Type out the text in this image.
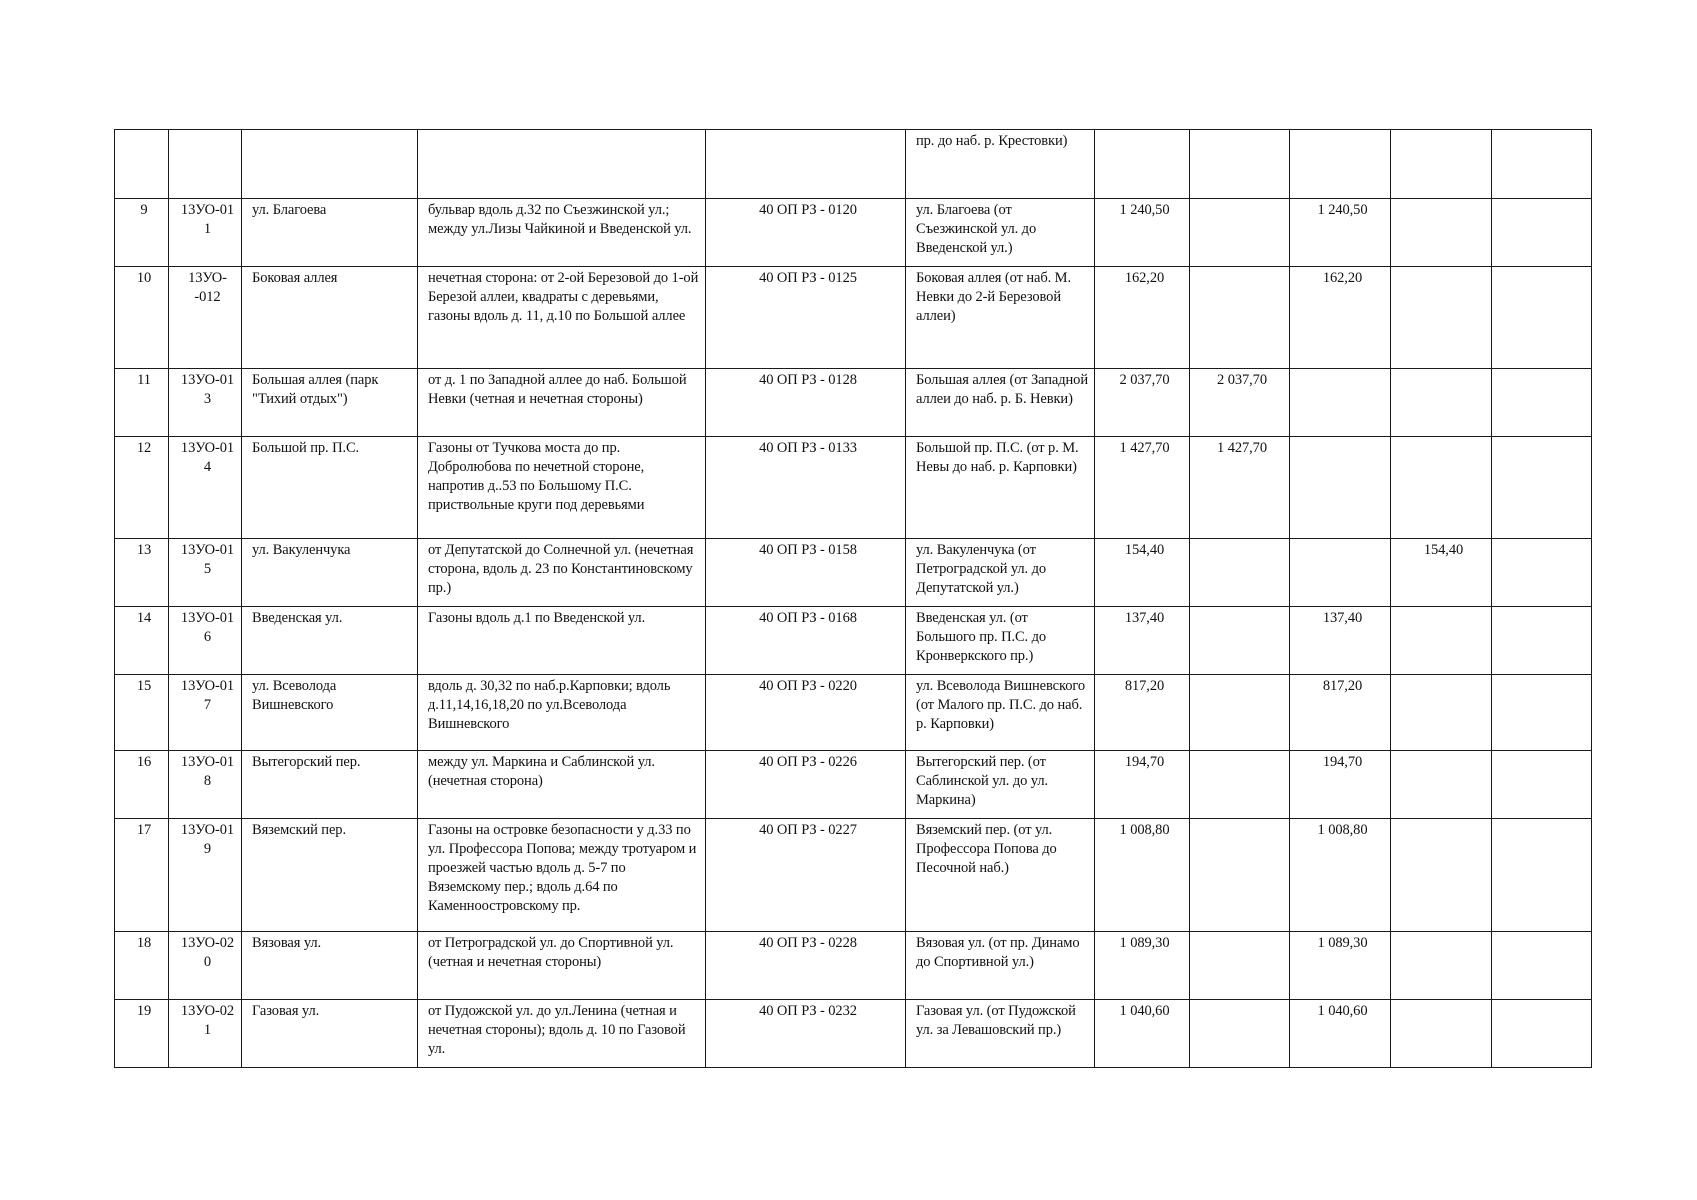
					пр. до наб. р. Крестовки)					
9	13УО-011	ул. Благоева	бульвар вдоль д.32 по Съезжинской ул.; между ул.Лизы Чайкиной и Введенской ул.	40 ОП РЗ - 0120	ул. Благоева (от Съезжинской ул. до Введенской ул.)	1 240,50		1 240,50		
10	13УО--012	Боковая аллея	нечетная сторона: от 2-ой Березовой до 1-ой Березой аллеи, квадраты с деревьями, газоны вдоль д. 11, д.10 по Большой аллее	40 ОП РЗ - 0125	Боковая аллея (от наб. М. Невки до 2-й Березовой аллеи)	162,20		162,20		
11	13УО-013	Большая аллея (парк "Тихий отдых")	от д. 1 по Западной аллее до наб. Большой Невки (четная и нечетная стороны)	40 ОП РЗ - 0128	Большая аллея (от Западной аллеи до наб. р. Б. Невки)	2 037,70	2 037,70			
12	13УО-014	Большой пр. П.С.	Газоны от Тучкова моста до пр. Добролюбова по нечетной стороне, напротив д..53 по Большому П.С. приствольные круги под деревьями	40 ОП РЗ - 0133	Большой пр. П.С. (от р. М. Невы до наб. р. Карповки)	1 427,70	1 427,70			
13	13УО-015	ул. Вакуленчука	от Депутатской до Солнечной ул. (нечетная сторона, вдоль д. 23 по Константиновскому пр.)	40 ОП РЗ - 0158	ул. Вакуленчука (от Петроградской ул. до Депутатской ул.)	154,40			154,40	
14	13УО-016	Введенская ул.	Газоны вдоль д.1 по Введенской ул.	40 ОП РЗ - 0168	Введенская ул. (от Большого пр. П.С. до Кронверкского пр.)	137,40		137,40		
15	13УО-017	ул. Всеволода Вишневского	вдоль д. 30,32 по наб.р.Карповки; вдоль д.11,14,16,18,20 по ул.Всеволода Вишневского	40 ОП РЗ - 0220	ул. Всеволода Вишневского (от Малого пр. П.С. до наб. р. Карповки)	817,20		817,20		
16	13УО-018	Вытегорский пер.	между ул. Маркина и Саблинской ул. (нечетная сторона)	40 ОП РЗ - 0226	Вытегорский пер. (от Саблинской ул. до ул. Маркина)	194,70		194,70		
17	13УО-019	Вяземский пер.	Газоны на островке безопасности у д.33 по ул. Профессора Попова; между тротуаром и проезжей частью вдоль д. 5-7 по Вяземскому пер.; вдоль д.64 по Каменноостровскому пр.	40 ОП РЗ - 0227	Вяземский пер. (от ул. Профессора Попова до Песочной наб.)	1 008,80		1 008,80		
18	13УО-020	Вязовая ул.	от Петроградской ул. до Спортивной ул.(четная и нечетная стороны)	40 ОП РЗ - 0228	Вязовая ул. (от пр. Динамо до Спортивной ул.)	1 089,30		1 089,30		
19	13УО-021	Газовая ул.	от Пудожской ул. до ул.Ленина (четная и нечетная стороны); вдоль д. 10 по Газовой ул.	40 ОП РЗ - 0232	Газовая ул. (от Пудожской ул. за Левашовский пр.)	1 040,60		1 040,60		
